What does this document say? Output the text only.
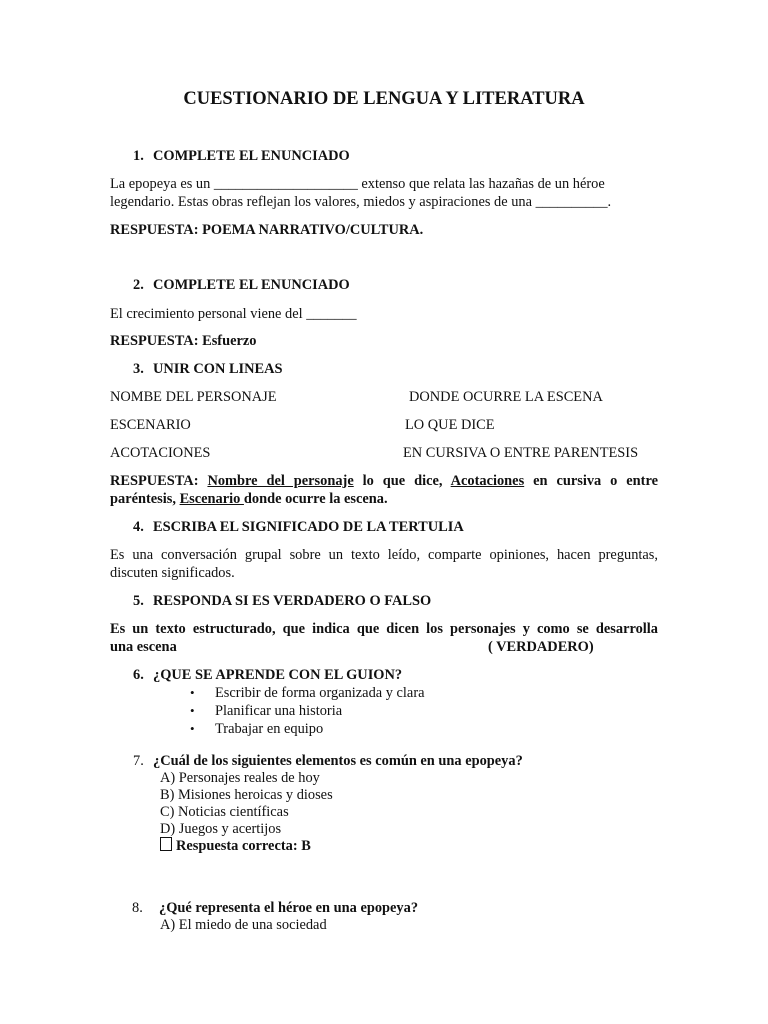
CUESTIONARIO DE LENGUA Y LITERATURA
1. COMPLETE EL ENUNCIADO
La epopeya es un ____________________ extenso que relata las hazañas de un héroe
legendario. Estas obras reflejan los valores, miedos y aspiraciones de una __________.
RESPUESTA: POEMA NARRATIVO/CULTURA.
2. COMPLETE EL ENUNCIADO
El crecimiento personal viene del _______
RESPUESTA: Esfuerzo
3. UNIR CON LINEAS
NOMBE DEL PERSONAJE	DONDE OCURRE LA ESCENA
ESCENARIO	LO QUE DICE
ACOTACIONES	EN CURSIVA O ENTRE PARENTESIS
RESPUESTA: Nombre del personaje lo que dice, Acotaciones en cursiva o entre
paréntesis, Escenario donde ocurre la escena.
4. ESCRIBA EL SIGNIFICADO DE LA TERTULIA
Es una conversación grupal sobre un texto leído, comparte opiniones, hacen preguntas,
discuten significados.
5. RESPONDA SI ES VERDADERO O FALSO
Es un texto estructurado, que indica que dicen los personajes y como se desarrolla
una escena	( VERDADERO)
6. ¿QUE SE APRENDE CON EL GUION?
• Escribir de forma organizada y clara
• Planificar una historia
• Trabajar en equipo
7. ¿Cuál de los siguientes elementos es común en una epopeya?
A) Personajes reales de hoy
B) Misiones heroicas y dioses
C) Noticias científicas
D) Juegos y acertijos
Respuesta correcta: B
8. ¿Qué representa el héroe en una epopeya?
A) El miedo de una sociedad
